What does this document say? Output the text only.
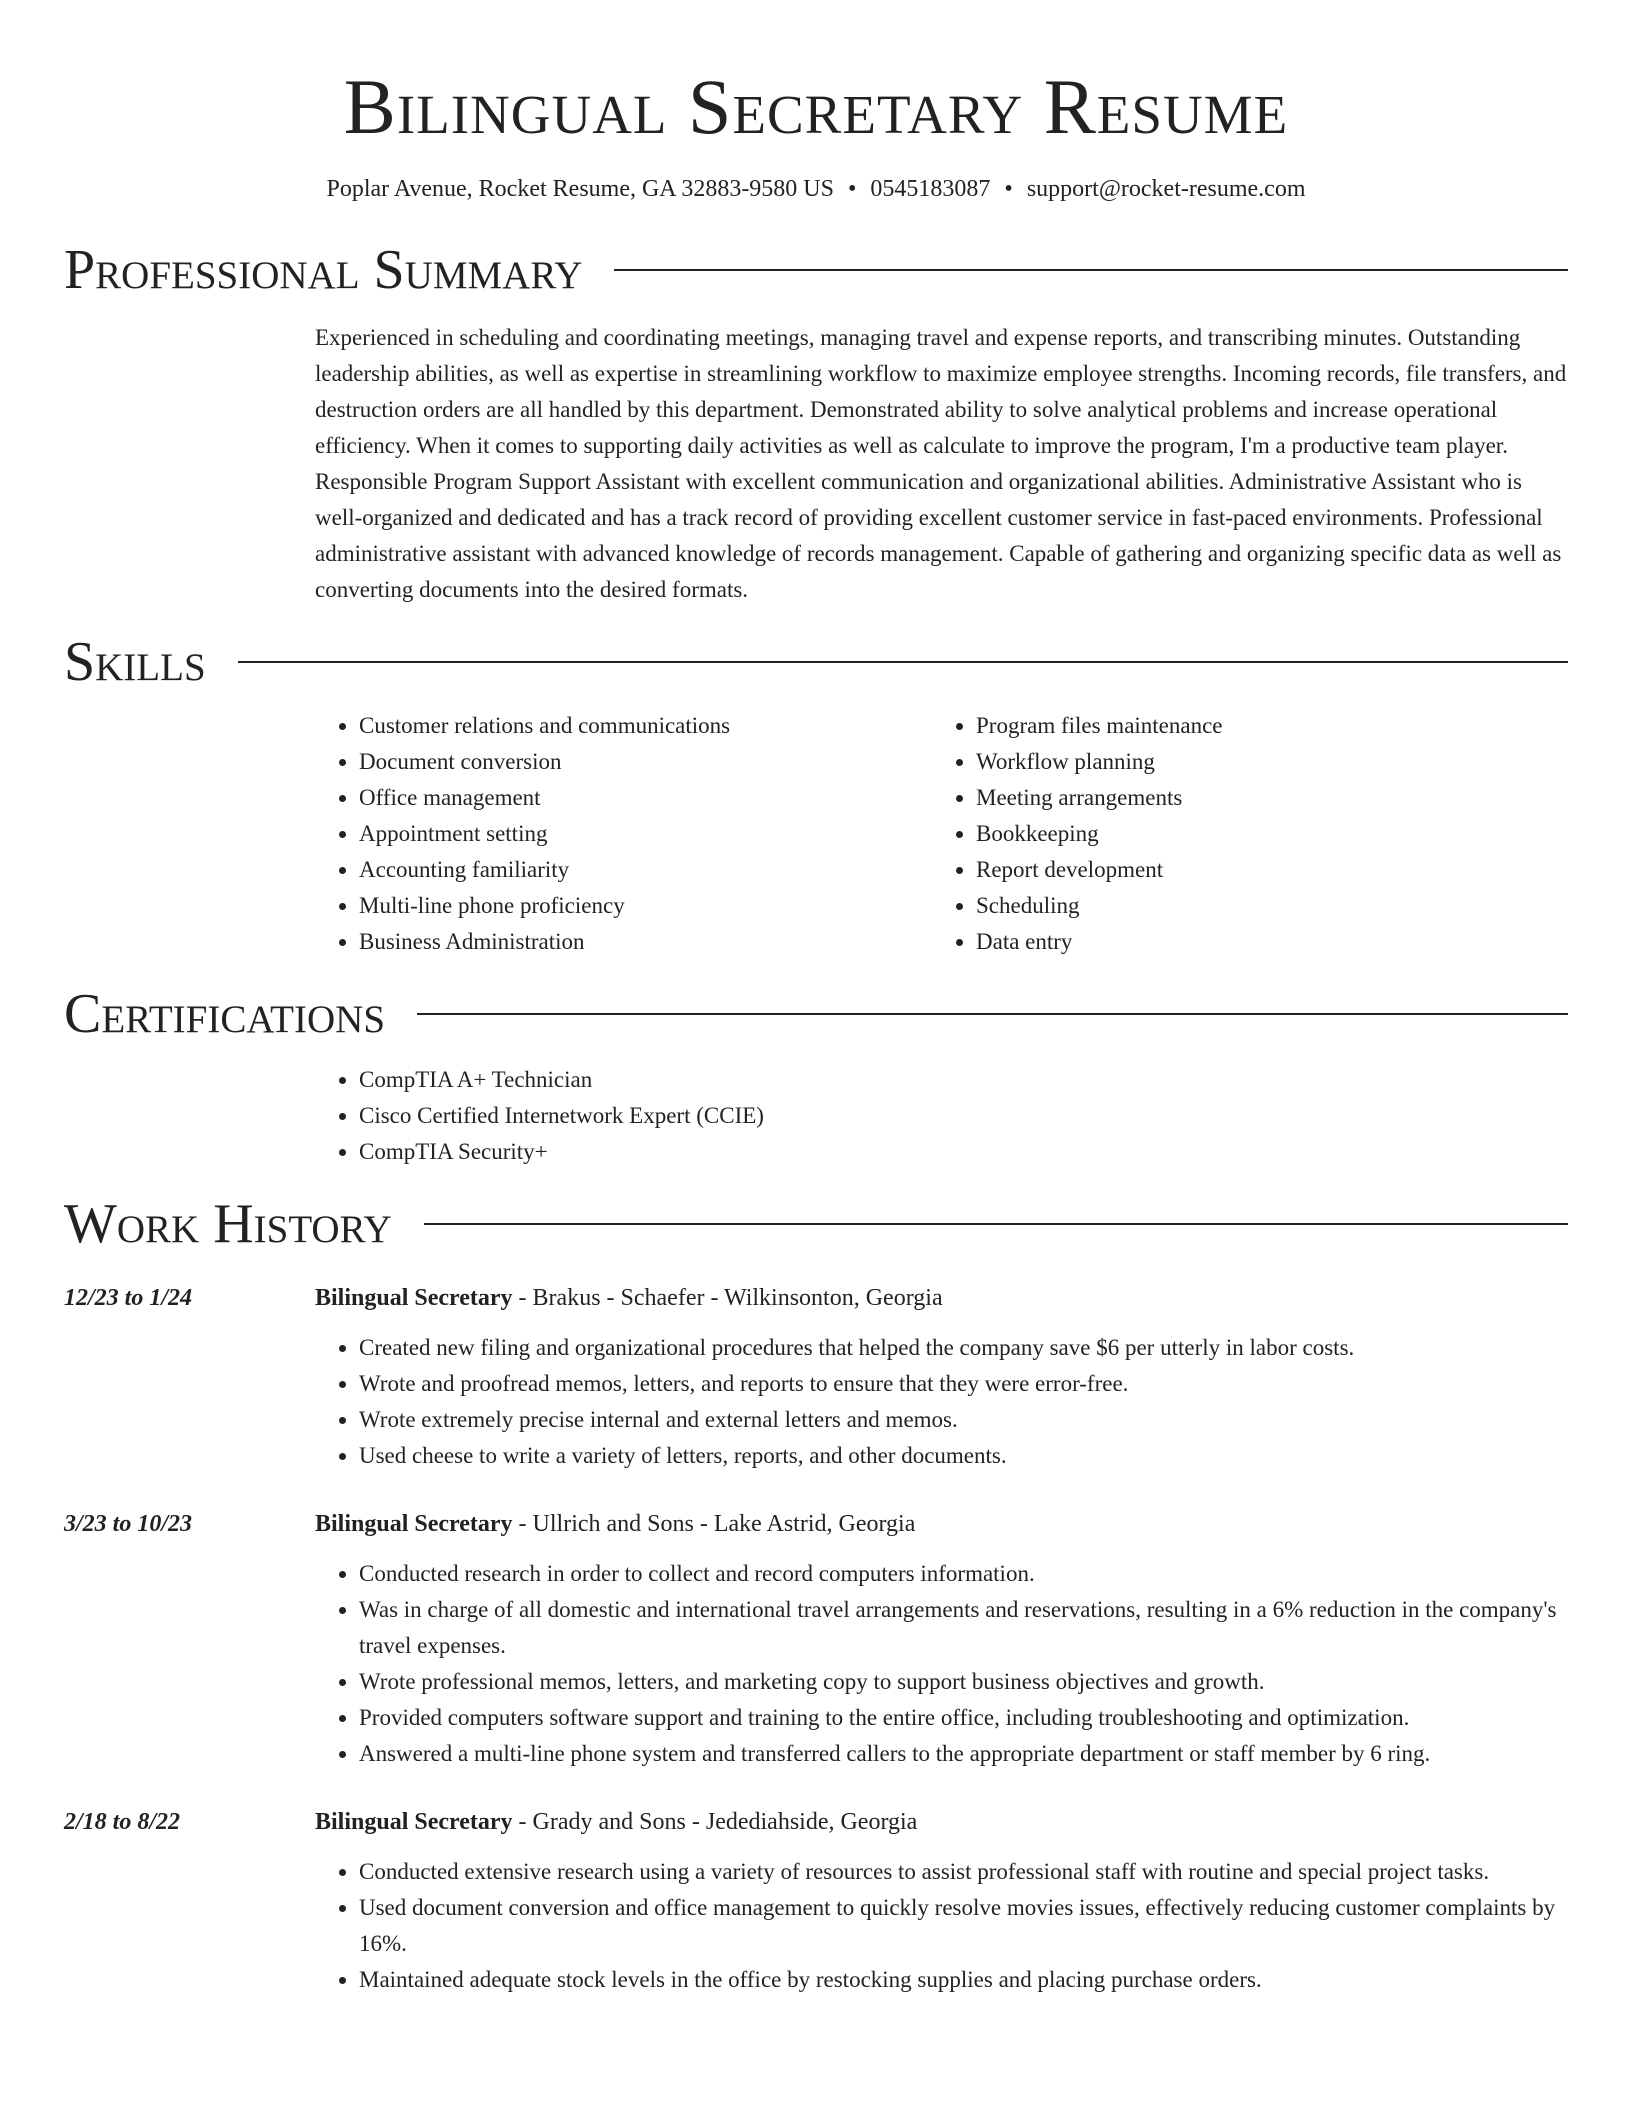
Bilingual Secretary Resume
Poplar Avenue, Rocket Resume, GA 32883-9580 US • 0545183087 • support@rocket-resume.com
Professional Summary

Experienced in scheduling and coordinating meetings, managing travel and expense reports, and transcribing minutes. Outstanding leadership abilities, as well as expertise in streamlining workflow to maximize employee strengths. Incoming records, file transfers, and destruction orders are all handled by this department. Demonstrated ability to solve analytical problems and increase operational efficiency. When it comes to supporting daily activities as well as calculate to improve the program, I'm a productive team player. Responsible Program Support Assistant with excellent communication and organizational abilities. Administrative Assistant who is well-organized and dedicated and has a track record of providing excellent customer service in fast-paced environments. Professional administrative assistant with advanced knowledge of records management. Capable of gathering and organizing specific data as well as converting documents into the desired formats.

Skills
• Customer relations and communications
• Document conversion
• Office management
• Appointment setting
• Accounting familiarity
• Multi-line phone proficiency
• Business Administration
• Program files maintenance
• Workflow planning
• Meeting arrangements
• Bookkeeping
• Report development
• Scheduling
• Data entry
Certifications
• CompTIA A+ Technician
• Cisco Certified Internetwork Expert (CCIE)
• CompTIA Security+
Work History
12/23 to 1/24	Bilingual Secretary - Brakus - Schaefer - Wilkinsonton, Georgia
• Created new filing and organizational procedures that helped the company save $6 per utterly in labor costs.
• Wrote and proofread memos, letters, and reports to ensure that they were error-free.
• Wrote extremely precise internal and external letters and memos.
• Used cheese to write a variety of letters, reports, and other documents.
3/23 to 10/23	Bilingual Secretary - Ullrich and Sons - Lake Astrid, Georgia
• Conducted research in order to collect and record computers information.
• Was in charge of all domestic and international travel arrangements and reservations, resulting in a 6% reduction in the company's travel expenses.
• Wrote professional memos, letters, and marketing copy to support business objectives and growth.
• Provided computers software support and training to the entire office, including troubleshooting and optimization.
• Answered a multi-line phone system and transferred callers to the appropriate department or staff member by 6 ring.
2/18 to 8/22	Bilingual Secretary - Grady and Sons - Jedediahside, Georgia
• Conducted extensive research using a variety of resources to assist professional staff with routine and special project tasks.
• Used document conversion and office management to quickly resolve movies issues, effectively reducing customer complaints by 16%.
• Maintained adequate stock levels in the office by restocking supplies and placing purchase orders.
